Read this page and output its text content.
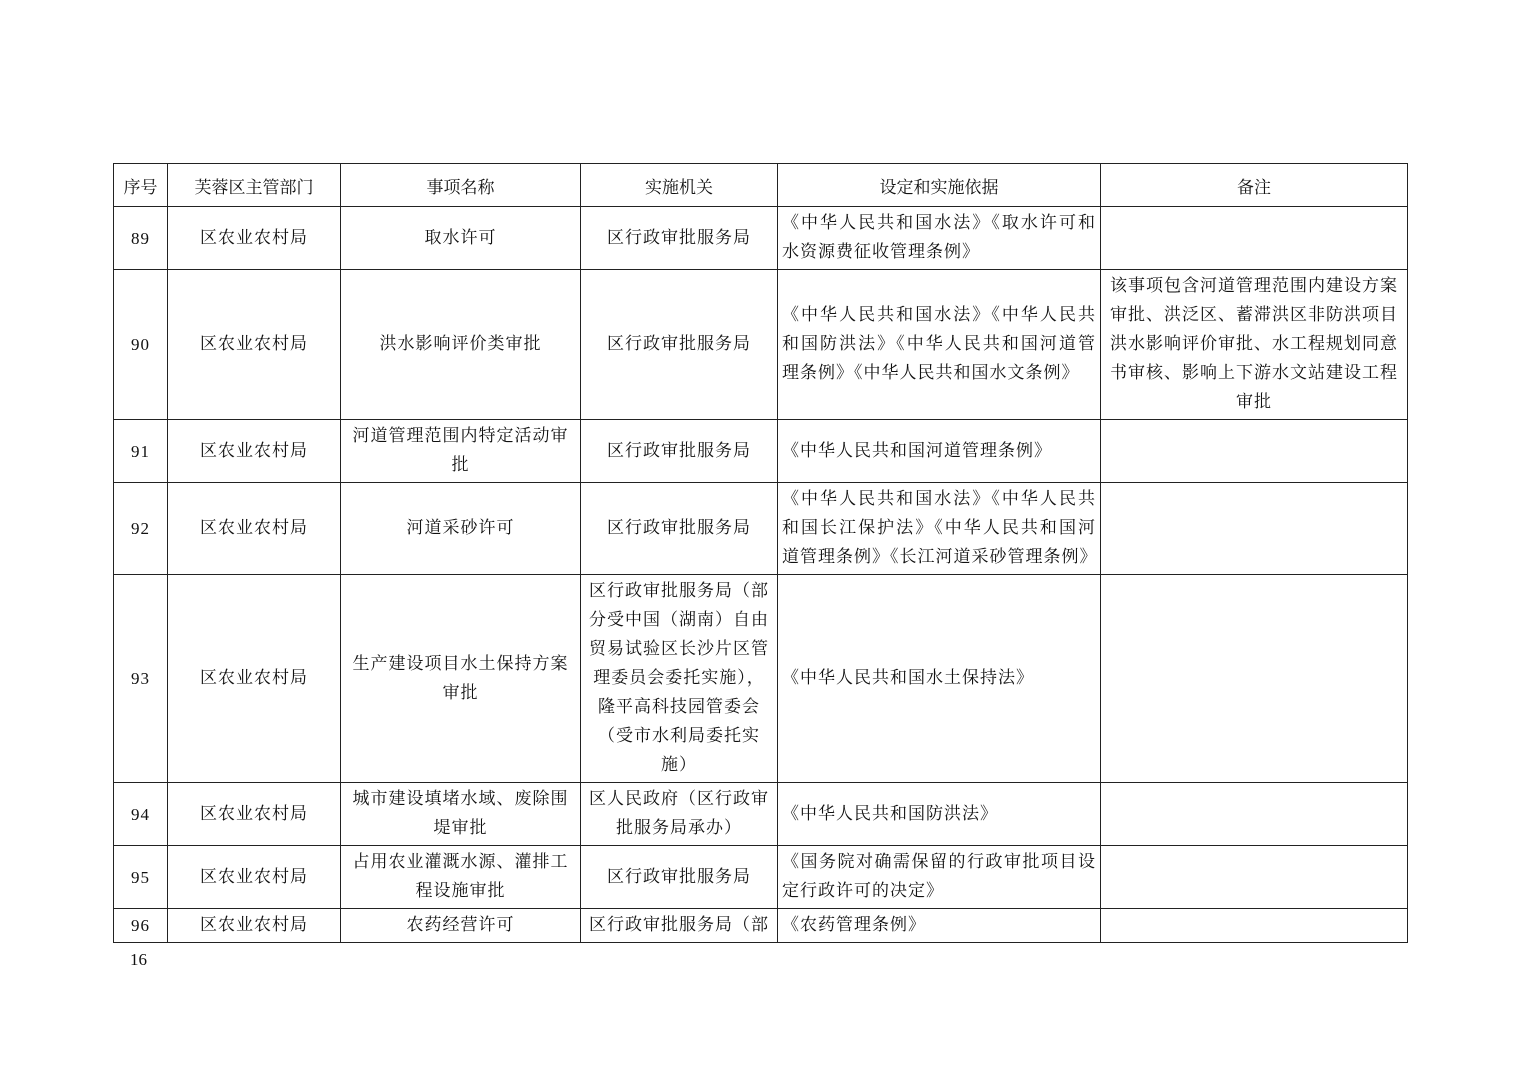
序号	芙蓉区主管部门	事项名称	实施机关	设定和实施依据	备注
89	区农业农村局	取水许可	区行政审批服务局	《中华人民共和国水法》《取水许可和水资源费征收管理条例》	
90	区农业农村局	洪水影响评价类审批	区行政审批服务局	《中华人民共和国水法》《中华人民共和国防洪法》《中华人民共和国河道管理条例》《中华人民共和国水文条例》	该事项包含河道管理范围内建设方案审批、洪泛区、蓄滞洪区非防洪项目洪水影响评价审批、水工程规划同意书审核、影响上下游水文站建设工程审批
91	区农业农村局	河道管理范围内特定活动审批	区行政审批服务局	《中华人民共和国河道管理条例》	
92	区农业农村局	河道采砂许可	区行政审批服务局	《中华人民共和国水法》《中华人民共和国长江保护法》《中华人民共和国河道管理条例》《长江河道采砂管理条例》	
93	区农业农村局	生产建设项目水土保持方案审批	区行政审批服务局（部分受中国（湖南）自由贸易试验区长沙片区管理委员会委托实施），隆平高科技园管委会（受市水利局委托实施）	《中华人民共和国水土保持法》	
94	区农业农村局	城市建设填堵水域、废除围堤审批	区人民政府（区行政审批服务局承办）	《中华人民共和国防洪法》	
95	区农业农村局	占用农业灌溉水源、灌排工程设施审批	区行政审批服务局	《国务院对确需保留的行政审批项目设定行政许可的决定》	
96	区农业农村局	农药经营许可	区行政审批服务局（部	《农药管理条例》	
16
